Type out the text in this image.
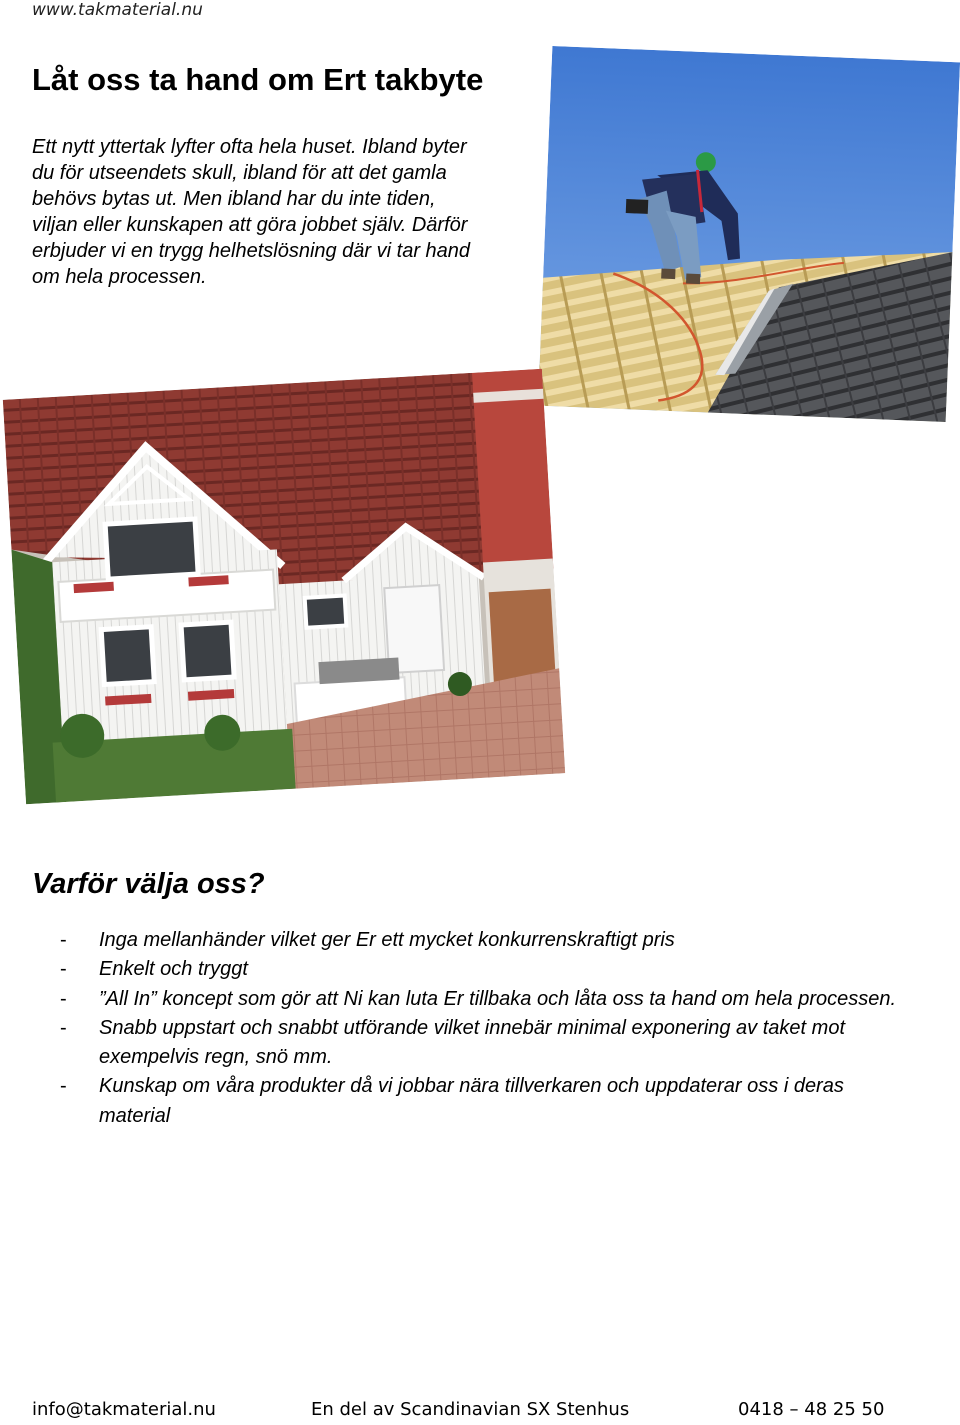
www.takmaterial.nu
Låt oss ta hand om Ert takbyte

Ett nytt yttertak lyfter ofta hela huset. Ibland byter
du för utseendets skull, ibland för att det gamla
behövs bytas ut. Men ibland har du inte tiden,
viljan eller kunskapen att göra jobbet själv. Därför
erbjuder vi en trygg helhetslösning där vi tar hand
om hela processen.

Varför välja oss?
- Inga mellanhänder vilket ger Er ett mycket konkurrenskraftigt pris
- Enkelt och tryggt
- ”All In” koncept som gör att Ni kan luta Er tillbaka och låta oss ta hand om hela processen.
- Snabb uppstart och snabbt utförande vilket innebär minimal exponering av taket mot exempelvis regn, snö mm.
- Kunskap om våra produkter då vi jobbar nära tillverkaren och uppdaterar oss i deras material
info@takmaterial.nu	En del av Scandinavian SX Stenhus	0418 – 48 25 50
